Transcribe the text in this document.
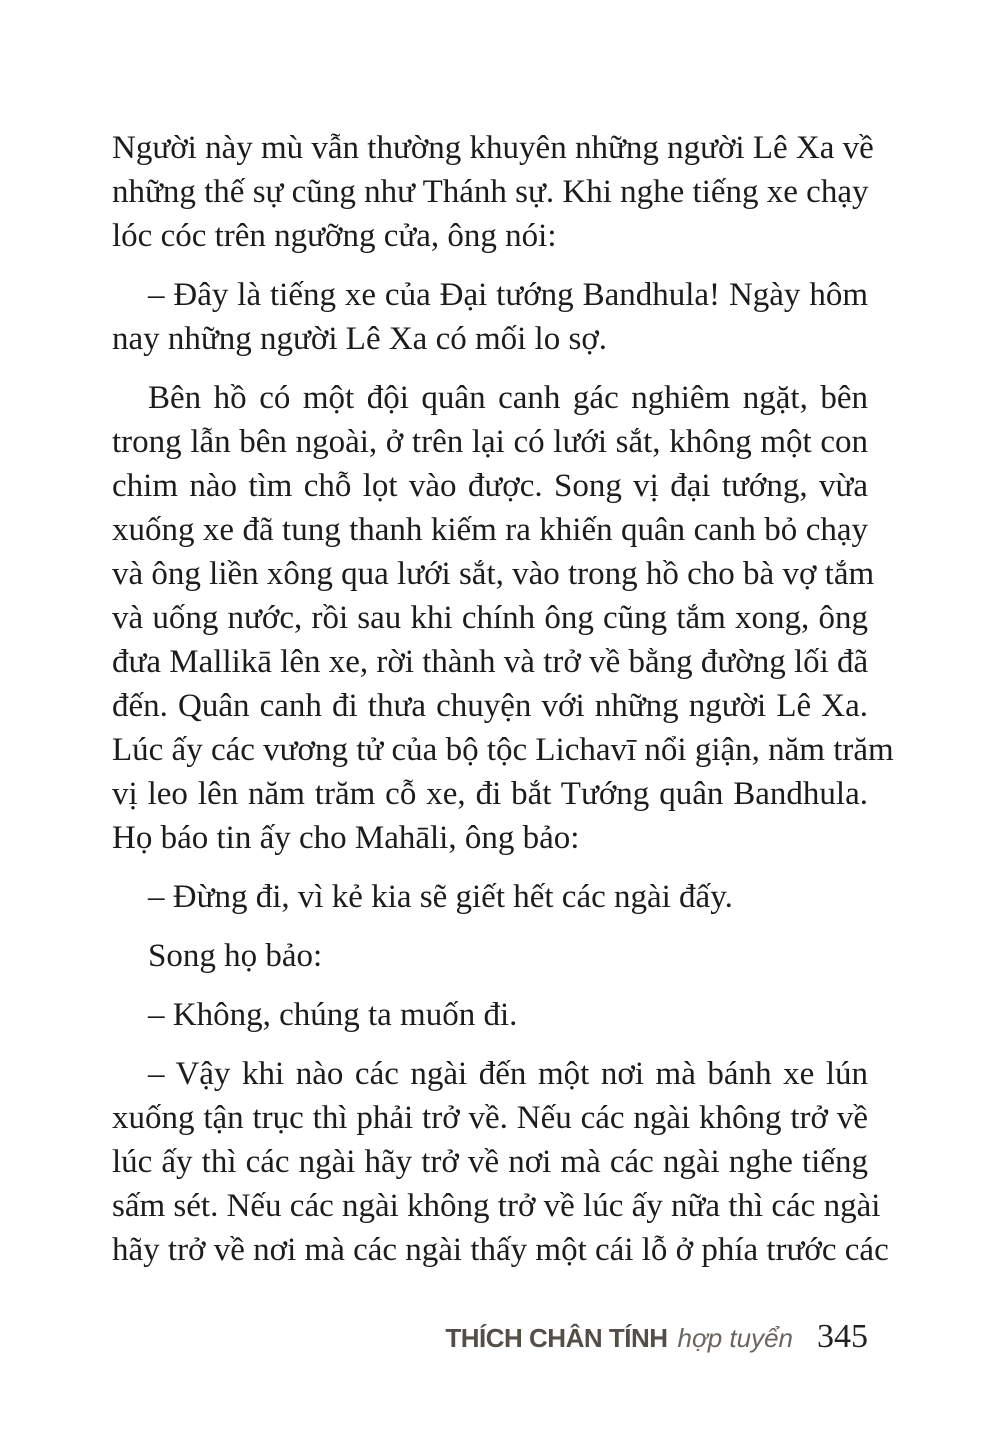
Người này mù vẫn thường khuyên những người Lê Xa về
những thế sự cũng như Thánh sự. Khi nghe tiếng xe chạy
lóc cóc trên ngưỡng cửa, ông nói:
– Đây là tiếng xe của Đại tướng Bandhula! Ngày hôm
nay những người Lê Xa có mối lo sợ.
Bên hồ có một đội quân canh gác nghiêm ngặt, bên
trong lẫn bên ngoài, ở trên lại có lưới sắt, không một con
chim nào tìm chỗ lọt vào được. Song vị đại tướng, vừa
xuống xe đã tung thanh kiếm ra khiến quân canh bỏ chạy
và ông liền xông qua lưới sắt, vào trong hồ cho bà vợ tắm
và uống nước, rồi sau khi chính ông cũng tắm xong, ông
đưa Mallikā lên xe, rời thành và trở về bằng đường lối đã
đến. Quân canh đi thưa chuyện với những người Lê Xa.
Lúc ấy các vương tử của bộ tộc Lichavī nổi giận, năm trăm
vị leo lên năm trăm cỗ xe, đi bắt Tướng quân Bandhula.
Họ báo tin ấy cho Mahāli, ông bảo:
– Đừng đi, vì kẻ kia sẽ giết hết các ngài đấy.
Song họ bảo:
– Không, chúng ta muốn đi.
– Vậy khi nào các ngài đến một nơi mà bánh xe lún
xuống tận trục thì phải trở về. Nếu các ngài không trở về
lúc ấy thì các ngài hãy trở về nơi mà các ngài nghe tiếng
sấm sét. Nếu các ngài không trở về lúc ấy nữa thì các ngài
hãy trở về nơi mà các ngài thấy một cái lỗ ở phía trước các
THÍCH CHÂN TÍNH hợp tuyển 345
